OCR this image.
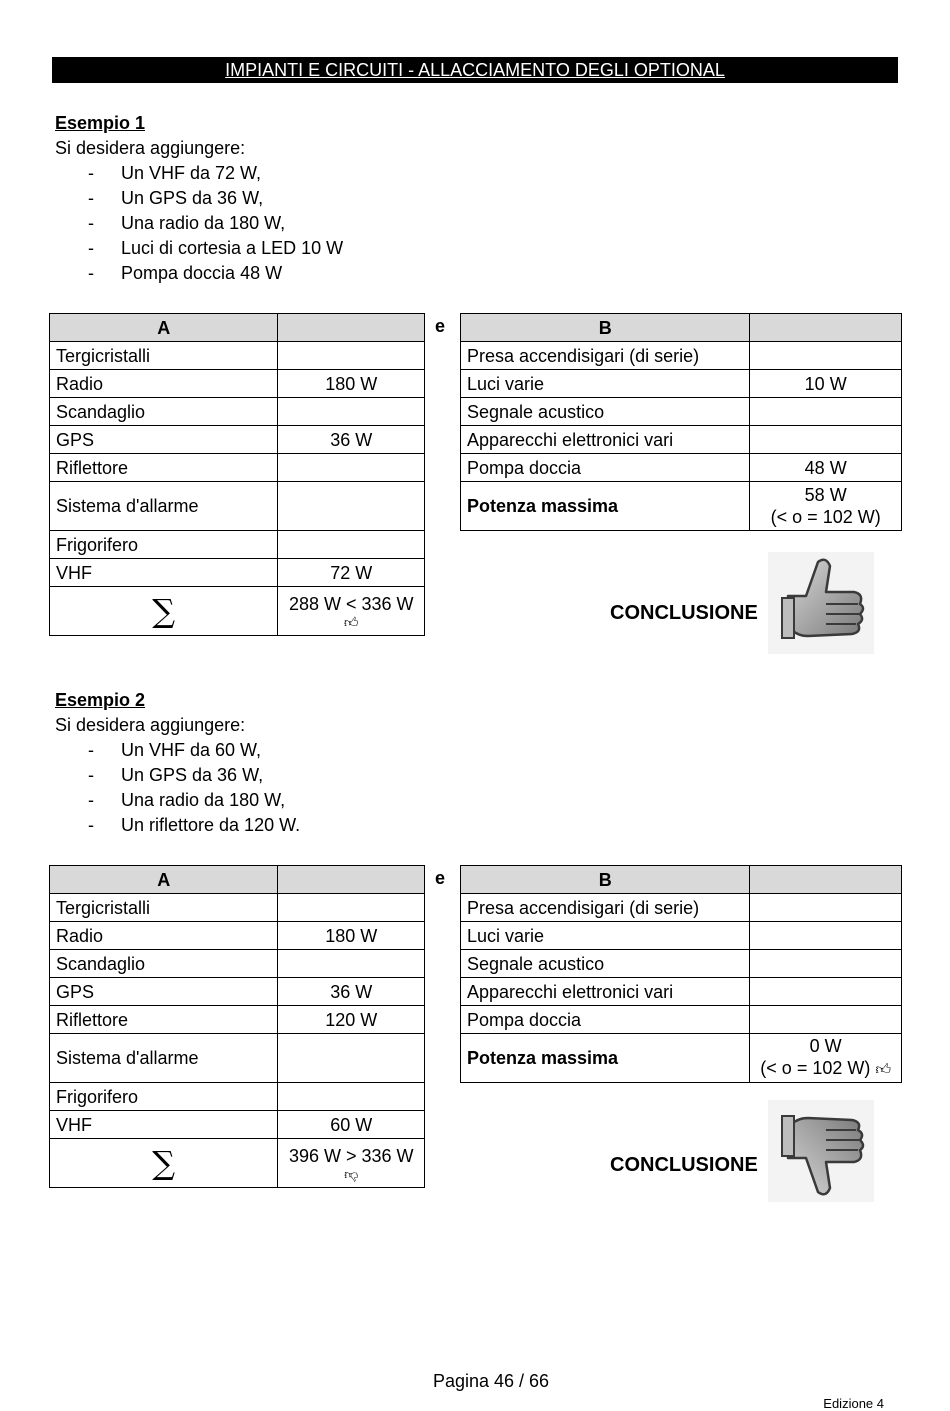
IMPIANTI E CIRCUITI - ALLACCIAMENTO DEGLI OPTIONAL
Esempio 1
Si desidera aggiungere:
- Un VHF da 72 W,
- Un GPS da 36 W,
- Una radio da 180 W,
- Luci di cortesia a LED 10 W
- Pompa doccia 48 W
A	
Tergicristalli	
Radio	180 W
Scandaglio	
GPS	36 W
Riflettore	
Sistema d'allarme	
Frigorifero	
VHF	72 W
∑	288 W < 336 W
👍︎
e	B	
Presa accendisigari (di serie)	
Luci varie	10 W
Segnale acustico	
Apparecchi elettronici vari	
Pompa doccia	48 W
Potenza massima	58 W
(< o = 102 W)
CONCLUSIONE
Esempio 2
Si desidera aggiungere:
- Un VHF da 60 W,
- Un GPS da 36 W,
- Una radio da 180 W,
- Un riflettore da 120 W.
A	
Tergicristalli	
Radio	180 W
Scandaglio	
GPS	36 W
Riflettore	120 W
Sistema d'allarme	
Frigorifero	
VHF	60 W
∑	396 W > 336 W
👎︎
e	B	
Presa accendisigari (di serie)	
Luci varie	
Segnale acustico	
Apparecchi elettronici vari	
Pompa doccia	
Potenza massima	0 W
(< o = 102 W) 👍︎
CONCLUSIONE
Pagina 46 / 66
Edizione 4
